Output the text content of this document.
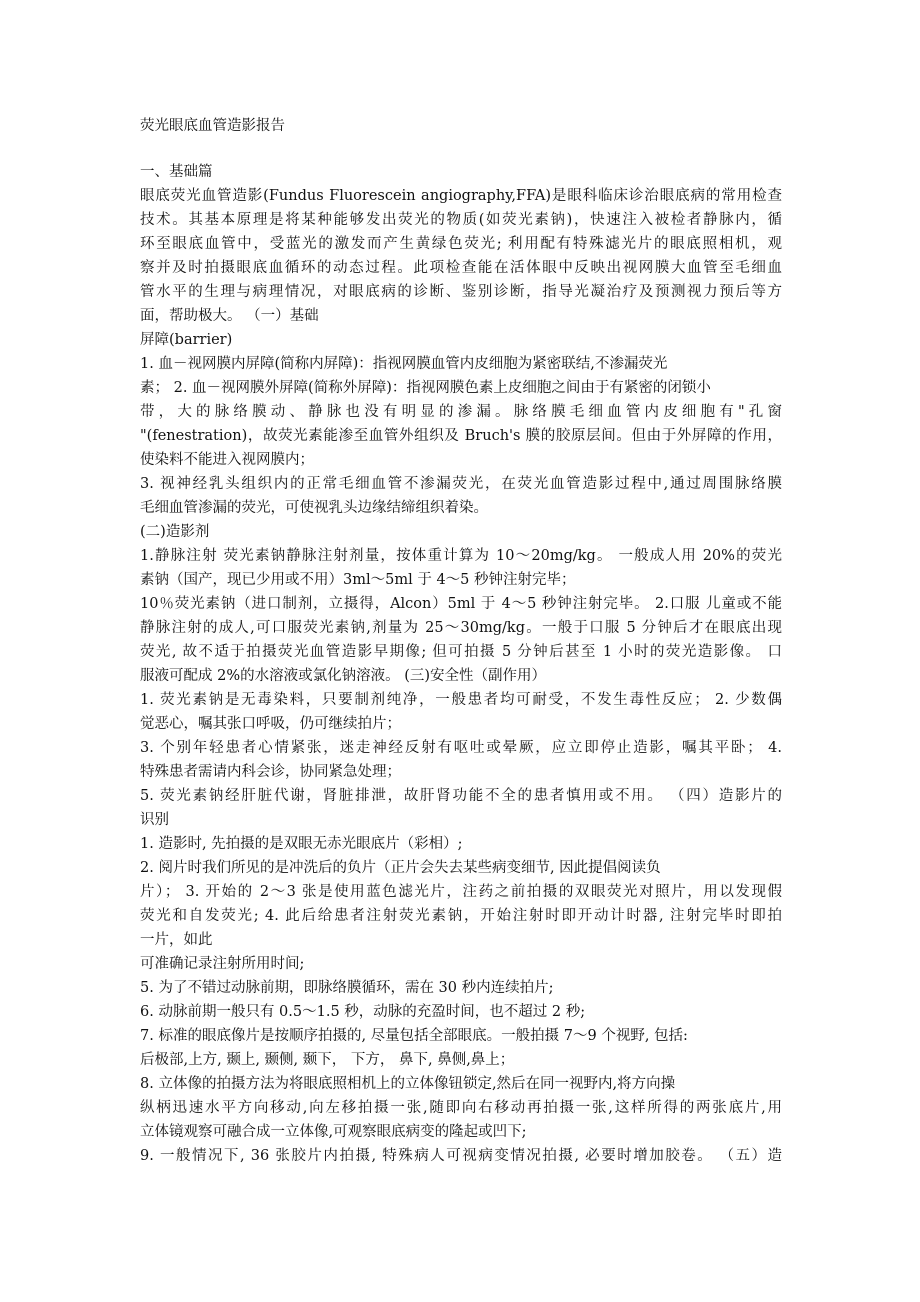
荧光眼底血管造影报告
一、基础篇
眼底荧光血管造影(Fundus Fluorescein angiography,FFA)是眼科临床诊治眼底病的常用检查
技术。其基本原理是将某种能够发出荧光的物质(如荧光素钠)，快速注入被检者静脉内，循
环至眼底血管中，受蓝光的激发而产生黄绿色荧光; 利用配有特殊滤光片的眼底照相机，观
察并及时拍摄眼底血循环的动态过程。此项检查能在活体眼中反映出视网膜大血管至毛细血
管水平的生理与病理情况，对眼底病的诊断、鉴别诊断，指导光凝治疗及预测视力预后等方
面，帮助极大。 （一）基础
屏障(barrier)
1. 血－视网膜内屏障(简称内屏障)：指视网膜血管内皮细胞为紧密联结,不渗漏荧光
素； 2. 血－视网膜外屏障(简称外屏障)：指视网膜色素上皮细胞之间由于有紧密的闭锁小
带，大的脉络膜动、静脉也没有明显的渗漏。脉络膜毛细血管内皮细胞有"孔窗
"(fenestration)，故荧光素能渗至血管外组织及 Bruch's 膜的胶原层间。但由于外屏障的作用，
使染料不能进入视网膜内；
3. 视神经乳头组织内的正常毛细血管不渗漏荧光，在荧光血管造影过程中,通过周围脉络膜
毛细血管渗漏的荧光，可使视乳头边缘结缔组织着染。
(二)造影剂
1.静脉注射 荧光素钠静脉注射剂量，按体重计算为 10～20mg/kg。 一般成人用 20%的荧光
素钠（国产，现已少用或不用）3ml～5ml 于 4～5 秒钟注射完毕；
10％荧光素钠（进口制剂，立摄得，Alcon）5ml 于 4～5 秒钟注射完毕。 2.口服 儿童或不能
静脉注射的成人,可口服荧光素钠,剂量为 25～30mg/kg。一般于口服 5 分钟后才在眼底出现
荧光, 故不适于拍摄荧光血管造影早期像; 但可拍摄 5 分钟后甚至 1 小时的荧光造影像。 口
服液可配成 2%的水溶液或氯化钠溶液。 (三)安全性（副作用）
1. 荧光素钠是无毒染料，只要制剂纯净，一般患者均可耐受，不发生毒性反应； 2. 少数偶
觉恶心，嘱其张口呼吸，仍可继续拍片；
3. 个别年轻患者心情紧张，迷走神经反射有呕吐或晕厥，应立即停止造影，嘱其平卧； 4.
特殊患者需请内科会诊，协同紧急处理；
5. 荧光素钠经肝脏代谢，肾脏排泄，故肝肾功能不全的患者慎用或不用。 （四）造影片的
识别
1. 造影时, 先拍摄的是双眼无赤光眼底片（彩相）;
2. 阅片时我们所见的是冲洗后的负片（正片会失去某些病变细节, 因此提倡阅读负
片）； 3. 开始的 2～3 张是使用蓝色滤光片，注药之前拍摄的双眼荧光对照片，用以发现假
荧光和自发荧光; 4. 此后给患者注射荧光素钠，开始注射时即开动计时器, 注射完毕时即拍
一片，如此
可准确记录注射所用时间;
5. 为了不错过动脉前期，即脉络膜循环，需在 30 秒内连续拍片;
6. 动脉前期一般只有 0.5～1.5 秒，动脉的充盈时间，也不超过 2 秒;
7. 标准的眼底像片是按顺序拍摄的, 尽量包括全部眼底。一般拍摄 7～9 个视野, 包括:
后极部,上方, 颞上, 颞侧, 颞下， 下方， 鼻下, 鼻侧,鼻上；
8. 立体像的拍摄方法为将眼底照相机上的立体像钮锁定,然后在同一视野内,将方向操
纵柄迅速水平方向移动,向左移拍摄一张,随即向右移动再拍摄一张,这样所得的两张底片,用
立体镜观察可融合成一立体像,可观察眼底病变的隆起或凹下;
9. 一般情况下, 36 张胶片内拍摄, 特殊病人可视病变情况拍摄, 必要时增加胶卷。 （五）造
